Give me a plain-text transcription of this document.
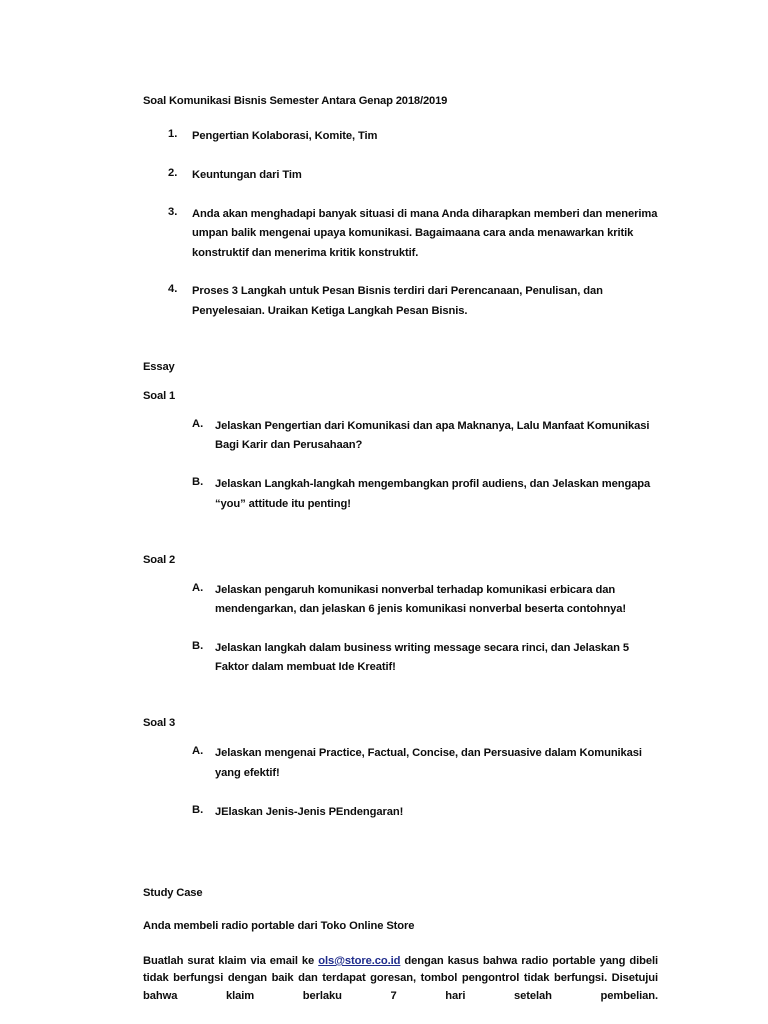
Soal Komunikasi Bisnis Semester Antara Genap 2018/2019
1. Pengertian Kolaborasi, Komite, Tim
2. Keuntungan dari Tim
3. Anda akan menghadapi banyak situasi di mana Anda diharapkan memberi dan menerima umpan balik mengenai upaya komunikasi. Bagaimaana cara anda menawarkan kritik konstruktif dan menerima kritik konstruktif.
4. Proses 3 Langkah untuk Pesan Bisnis terdiri dari Perencanaan, Penulisan, dan Penyelesaian. Uraikan Ketiga Langkah Pesan Bisnis.
Essay
Soal 1
A. Jelaskan Pengertian dari Komunikasi dan apa Maknanya, Lalu Manfaat Komunikasi Bagi Karir dan Perusahaan?
B. Jelaskan Langkah-langkah mengembangkan profil audiens, dan Jelaskan mengapa “you” attitude itu penting!
Soal 2
A. Jelaskan pengaruh komunikasi nonverbal terhadap komunikasi erbicara dan mendengarkan, dan jelaskan 6 jenis komunikasi nonverbal beserta contohnya!
B. Jelaskan langkah dalam business writing message secara rinci, dan Jelaskan 5 Faktor dalam membuat Ide Kreatif!
Soal 3
A. Jelaskan mengenai Practice, Factual, Concise, dan Persuasive dalam Komunikasi yang efektif!
B. JElaskan Jenis-Jenis PEndengaran!
Study Case

Anda membeli radio portable dari Toko Online Store

Buatlah surat klaim via email ke ols@store.co.id dengan kasus bahwa radio portable yang dibeli tidak berfungsi dengan baik dan terdapat goresan, tombol pengontrol tidak berfungsi. Disetujui bahwa klaim berlaku 7 hari setelah pembelian.
